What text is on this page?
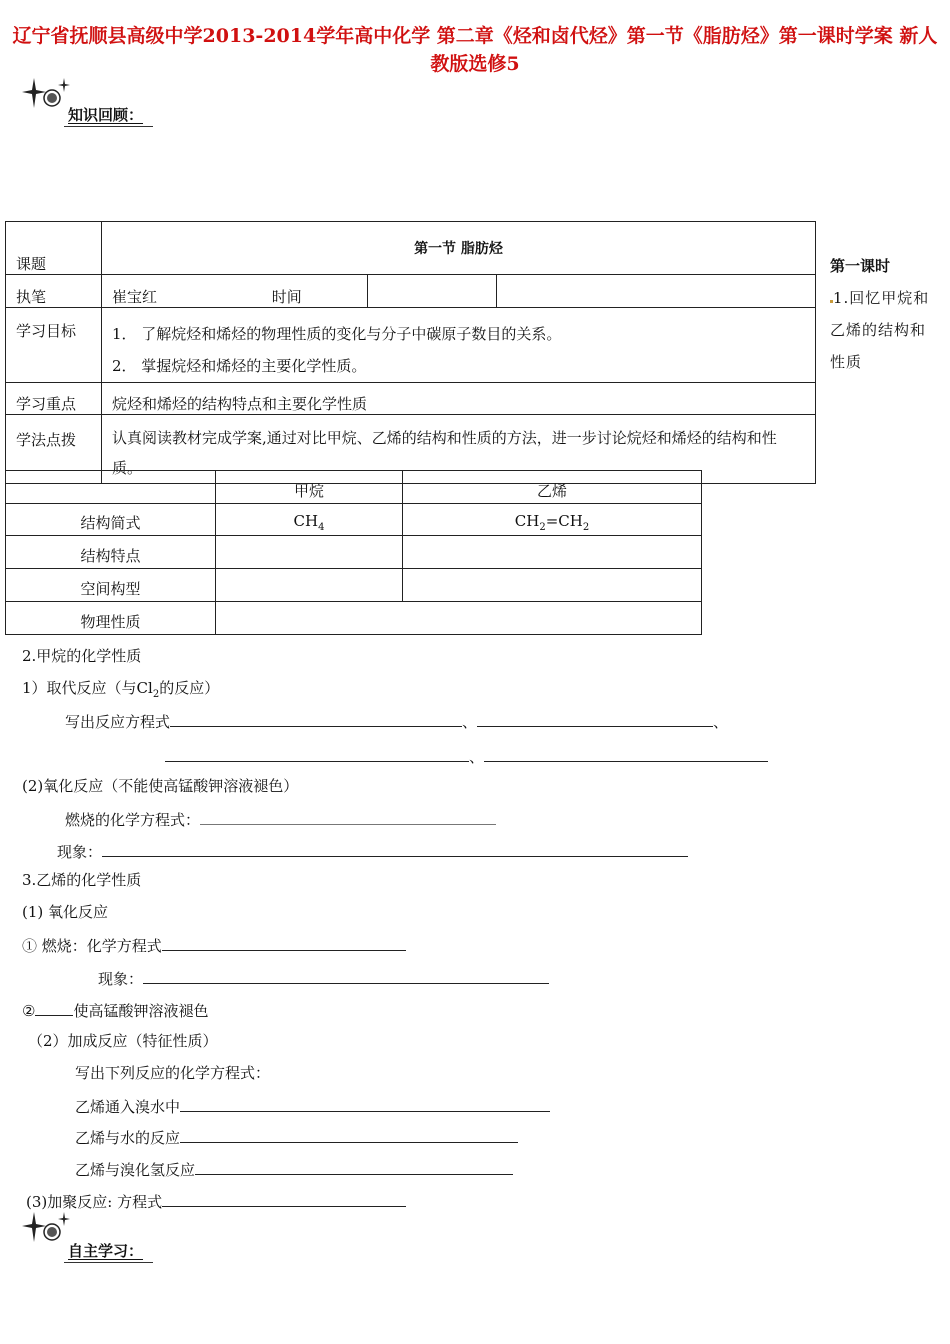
辽宁省抚顺县高级中学2013-2014学年高中化学 第二章《烃和卤代烃》第一节《脂肪烃》第一课时学案 新人教版选修5
知识回顾：
课题	第一节 脂肪烃		
执笔	崔宝红 时间		
学习目标	1． 了解烷烃和烯烃的物理性质的变化与分子中碳原子数目的关系。
2． 掌握烷烃和烯烃的主要化学性质。		

学习重点	烷烃和烯烃的结构特点和主要化学性质		
学法点拨	认真阅读教材完成学案,通过对比甲烷、乙烯的结构和性质的方法，进一步讨论烷烃和烯烃的结构和性质。		
第一课时
1.回忆甲烷和乙烯的结构和性质
	甲烷	乙烯
结构简式	$CH_4$	$CH_2=CH_2$
结构特点		
空间构型		
物理性质		
2.甲烷的化学性质
1）取代反应（与$Cl_2$的反应）
写出反应方程式	、	、
、
(2)氧化反应（不能使高锰酸钾溶液褪色）
燃烧的化学方程式：
现象：
3.乙烯的化学性质
(1) 氧化反应
① 燃烧：化学方程式
现象：
②	使高锰酸钾溶液褪色
（2）加成反应（特征性质）
写出下列反应的化学方程式：
乙烯通入溴水中
乙烯与水的反应
乙烯与溴化氢反应
(3)加聚反应: 方程式
自主学习：
